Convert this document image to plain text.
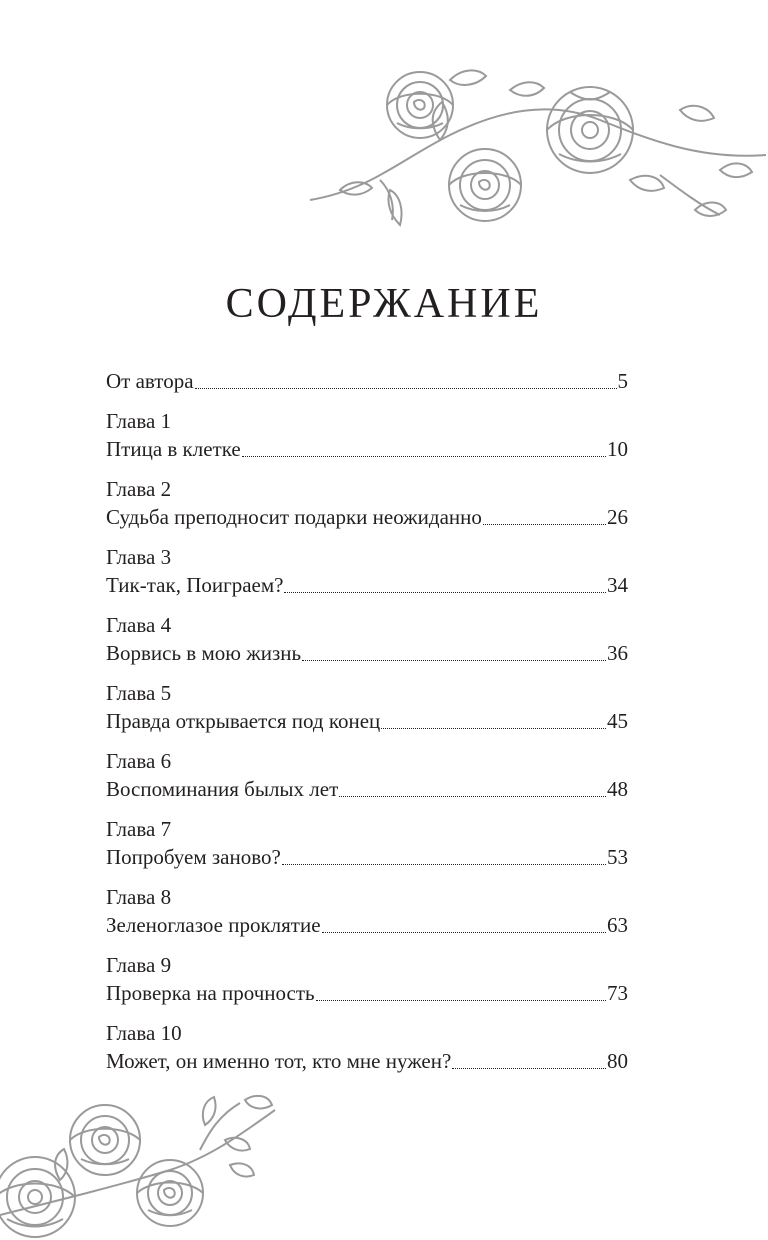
СОДЕРЖАНИЕ
От автора	5
Глава 1
Птица в клетке	10
Глава 2
Судьба преподносит подарки неожиданно	26
Глава 3
Тик-так, Поиграем?	34
Глава 4
Ворвись в мою жизнь	36
Глава 5
Правда открывается под конец	45
Глава 6
Воспоминания былых лет	48
Глава 7
Попробуем заново?	53
Глава 8
Зеленоглазое проклятие	63
Глава 9
Проверка на прочность	73
Глава 10
Может, он именно тот, кто мне нужен?	80
